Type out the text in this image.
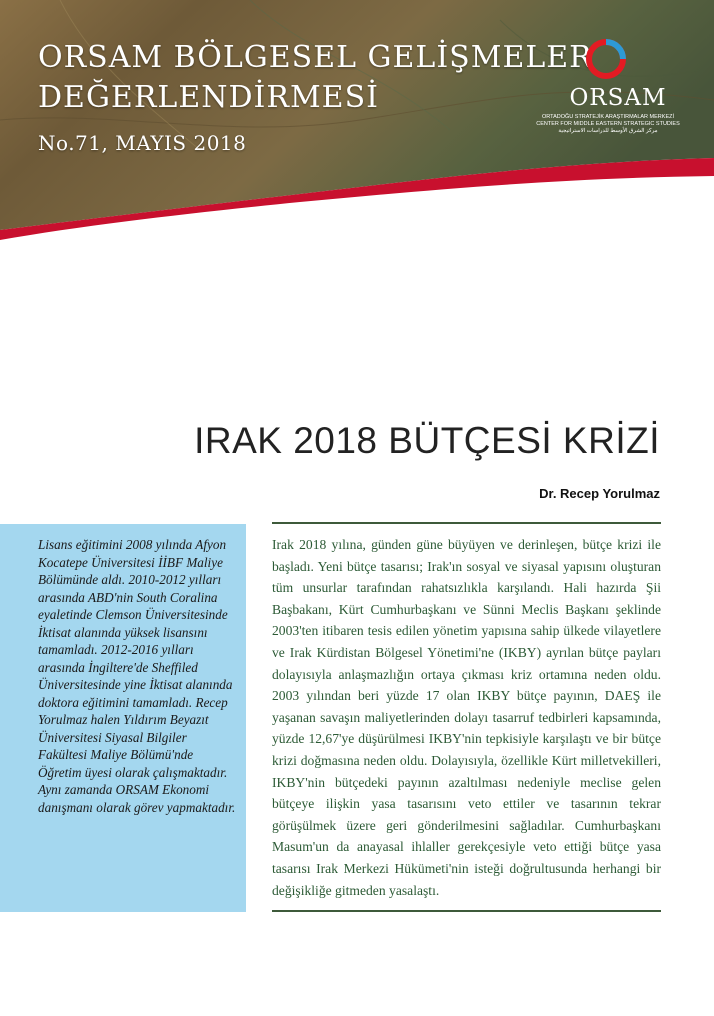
ORSAM BÖLGESEL GELİŞMELER
DEĞERLENDİRMESİ
No.71, MAYIS 2018
ORSAM
ORTADOĞU STRATEJİK ARAŞTIRMALAR MERKEZİ
CENTER FOR MIDDLE EASTERN STRATEGIC STUDIES
مركز الشرق الأوسط للدراسات الاستراتيجية
IRAK 2018 BÜTÇESİ KRİZİ
Dr. Recep Yorulmaz

Lisans eğitimini 2008 yılında Afyon Kocatepe Üniversitesi İİBF Maliye Bölümünde aldı. 2010-2012 yılları arasında ABD'nin South Coralina eyaletinde Clemson Üniversitesinde İktisat alanında yüksek lisansını tamamladı. 2012-2016 yılları arasında İngiltere'de Sheffiled Üniversitesinde yine İktisat alanında doktora eğitimini tamamladı. Recep Yorulmaz halen Yıldırım Beyazıt Üniversitesi Siyasal Bilgiler Fakültesi Maliye Bölümü'nde Öğretim üyesi olarak çalışmaktadır. Aynı zamanda ORSAM Ekonomi danışmanı olarak görev yapmaktadır.

Irak 2018 yılına, günden güne büyüyen ve derinleşen, bütçe krizi ile başladı. Yeni bütçe tasarısı; Irak'ın sosyal ve siyasal yapısını oluşturan tüm unsurlar tarafından rahatsızlıkla karşılandı. Hali hazırda Şii Başbakanı, Kürt Cumhurbaşkanı ve Sünni Meclis Başkanı şeklinde 2003'ten itibaren tesis edilen yönetim yapısına sahip ülkede vilayetlere ve Irak Kürdistan Bölgesel Yönetimi'ne (IKBY) ayrılan bütçe payları dolayısıyla anlaşmazlığın ortaya çıkması kriz ortamına neden oldu. 2003 yılından beri yüzde 17 olan IKBY bütçe payının, DAEŞ ile yaşanan savaşın maliyetlerinden dolayı tasarruf tedbirleri kapsamında, yüzde 12,67'ye düşürülmesi IKBY'nin tepkisiyle karşılaştı ve bir bütçe krizi doğmasına neden oldu. Dolayısıyla, özellikle Kürt milletvekilleri, IKBY'nin bütçedeki payının azaltılması nedeniyle meclise gelen bütçeye ilişkin yasa tasarısını veto ettiler ve tasarının tekrar görüşülmek üzere geri gönderilmesini sağladılar. Cumhurbaşkanı Masum'un da anayasal ihlaller gerekçesiyle veto ettiği bütçe yasa tasarısı Irak Merkezi Hükümeti'nin isteği doğrultusunda herhangi bir değişikliğe gitmeden yasalaştı.
